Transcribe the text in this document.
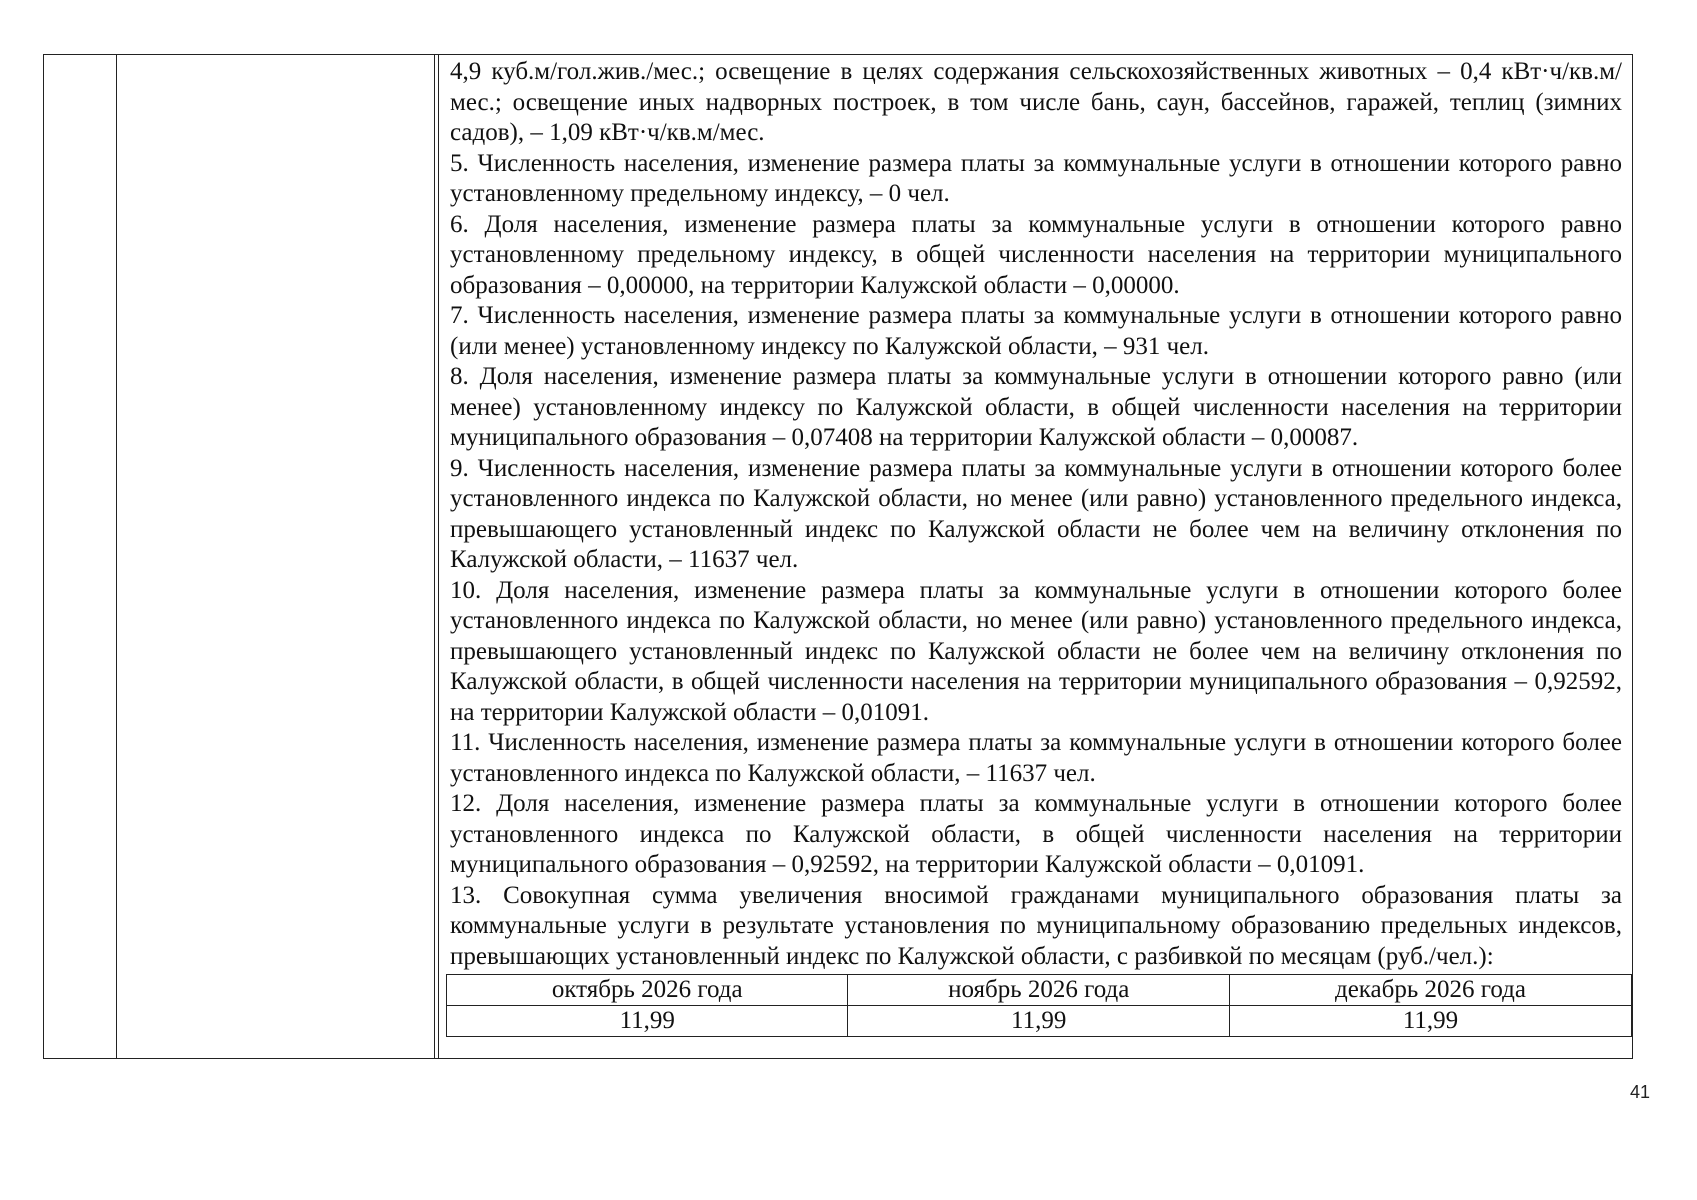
4,9 куб.м/гол.жив./мес.; освещение в целях содержания сельскохозяйственных животных – 0,4 кВт·ч/кв.м/мес.; освещение иных надворных построек, в том числе бань, саун, бассейнов, гаражей, теплиц (зимних садов), – 1,09 кВт·ч/кв.м/мес.

5. Численность населения, изменение размера платы за коммунальные услуги в отношении которого равно установленному предельному индексу, – 0 чел.

6. Доля населения, изменение размера платы за коммунальные услуги в отношении которого равно установленному предельному индексу, в общей численности населения на территории муниципального образования – 0,00000, на территории Калужской области – 0,00000.

7. Численность населения, изменение размера платы за коммунальные услуги в отношении которого равно (или менее) установленному индексу по Калужской области, – 931 чел.

8. Доля населения, изменение размера платы за коммунальные услуги в отношении которого равно (или менее) установленному индексу по Калужской области, в общей численности населения на территории муниципального образования – 0,07408 на территории Калужской области – 0,00087.

9. Численность населения, изменение размера платы за коммунальные услуги в отношении которого более установленного индекса по Калужской области, но менее (или равно) установленного предельного индекса, превышающего установленный индекс по Калужской области не более чем на величину отклонения по Калужской области, – 11637 чел.

10. Доля населения, изменение размера платы за коммунальные услуги в отношении которого более установленного индекса по Калужской области, но менее (или равно) установленного предельного индекса, превышающего установленный индекс по Калужской области не более чем на величину отклонения по Калужской области, в общей численности населения на территории муниципального образования – 0,92592, на территории Калужской области – 0,01091.

11. Численность населения, изменение размера платы за коммунальные услуги в отношении которого более установленного индекса по Калужской области, – 11637 чел.

12. Доля населения, изменение размера платы за коммунальные услуги в отношении которого более установленного индекса по Калужской области, в общей численности населения на территории муниципального образования – 0,92592, на территории Калужской области – 0,01091.

13. Совокупная сумма увеличения вносимой гражданами муниципального образования платы за коммунальные услуги в результате установления по муниципальному образованию предельных индексов, превышающих установленный индекс по Калужской области, с разбивкой по месяцам (руб./чел.):

октябрь 2026 года	ноябрь 2026 года	декабрь 2026 года
11,99	11,99	11,99
41
